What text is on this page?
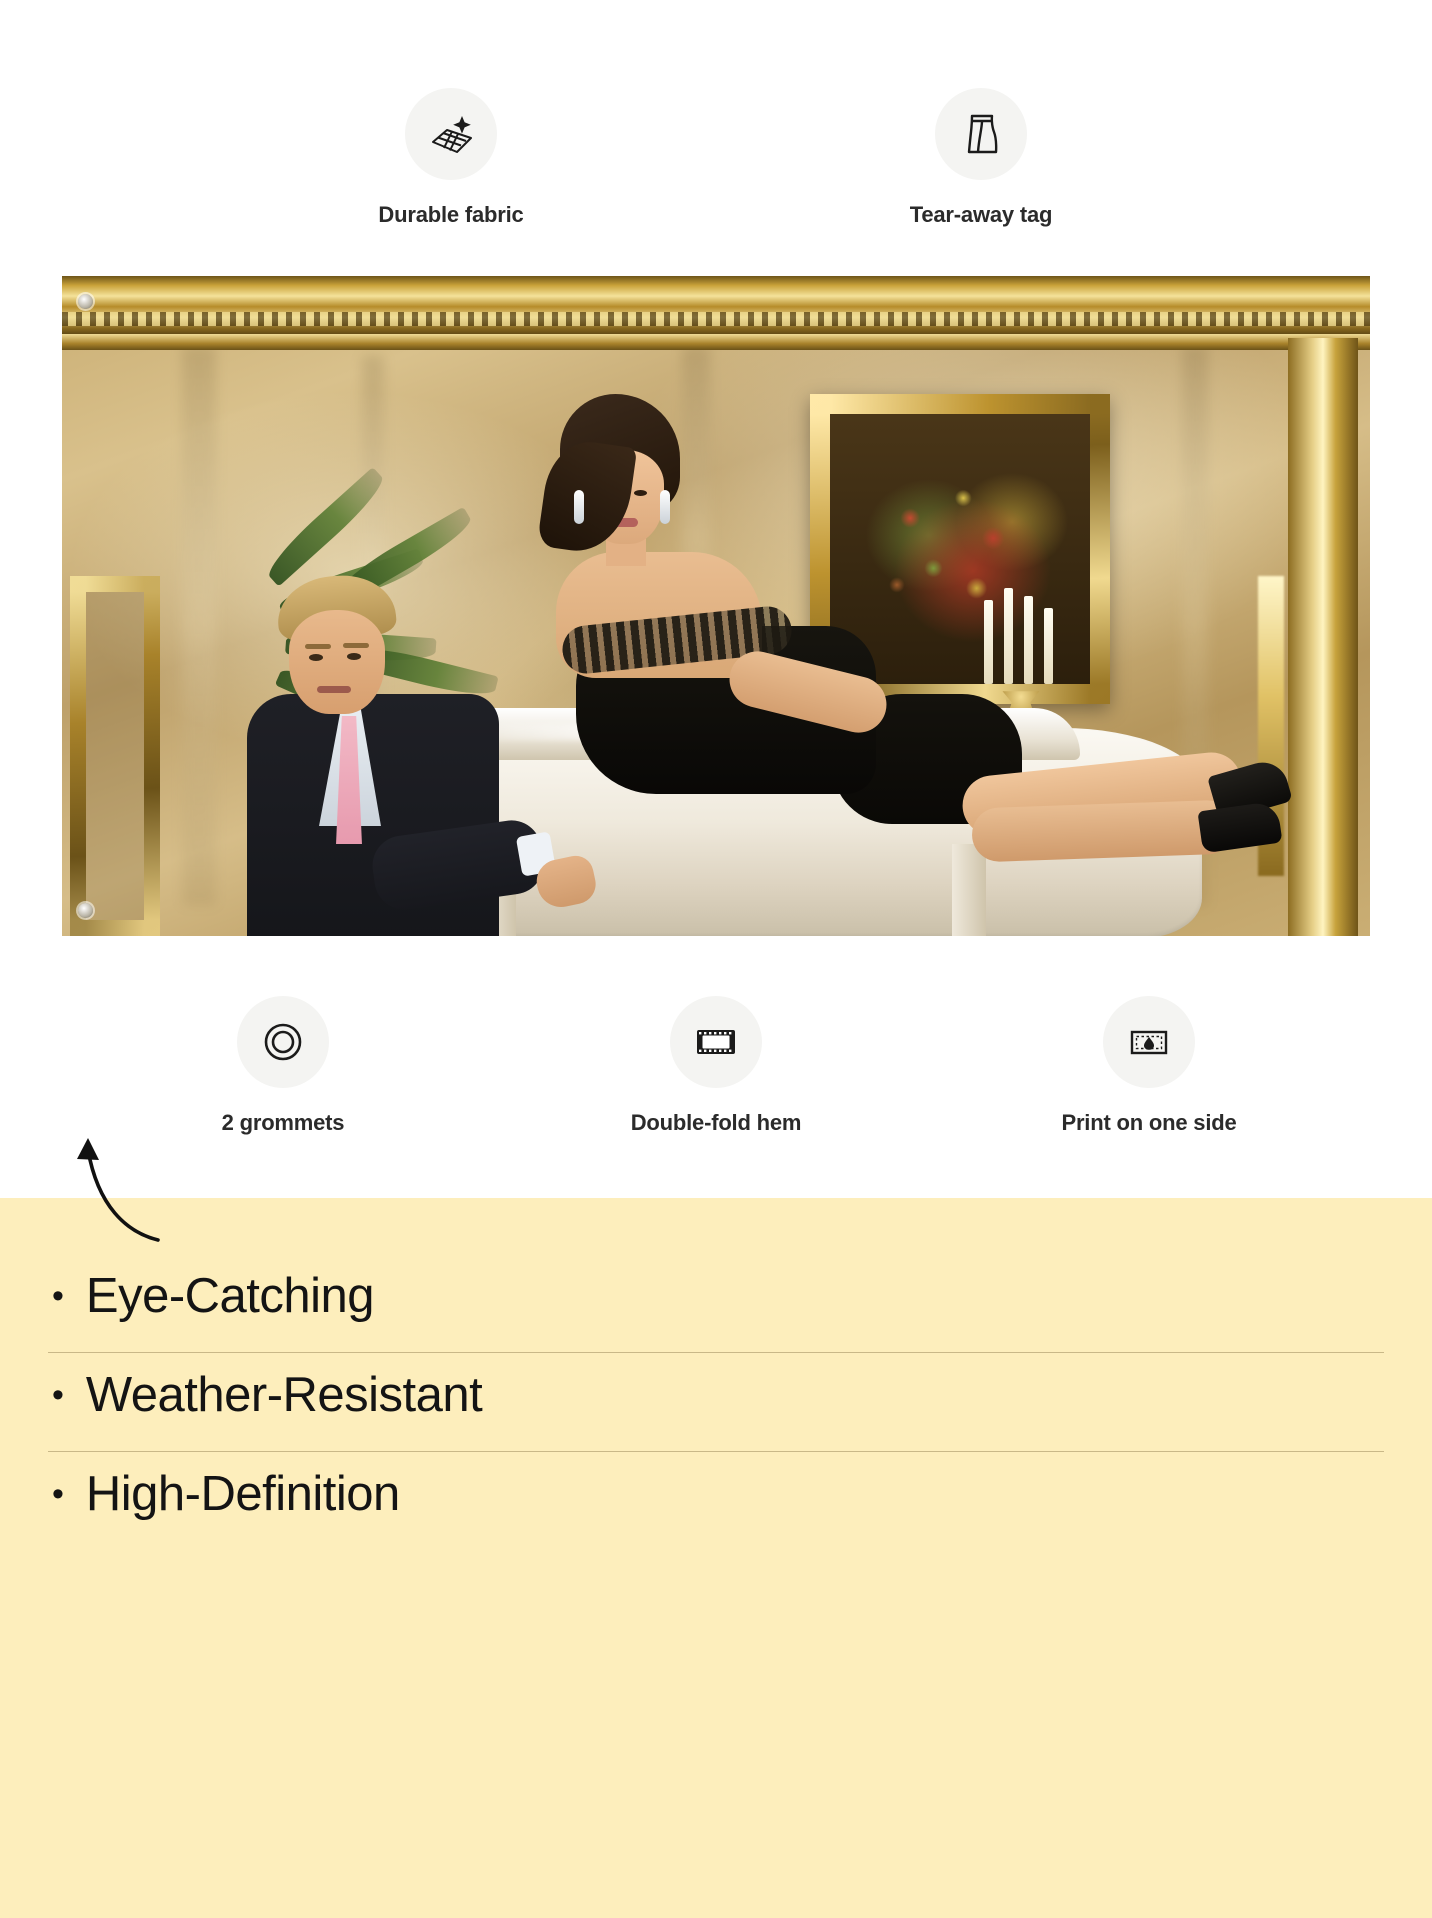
Durable fabric	Tear-away tag
2 grommets	Double-fold hem	Print on one side
• Eye-Catching
• Weather-Resistant
• High-Definition
